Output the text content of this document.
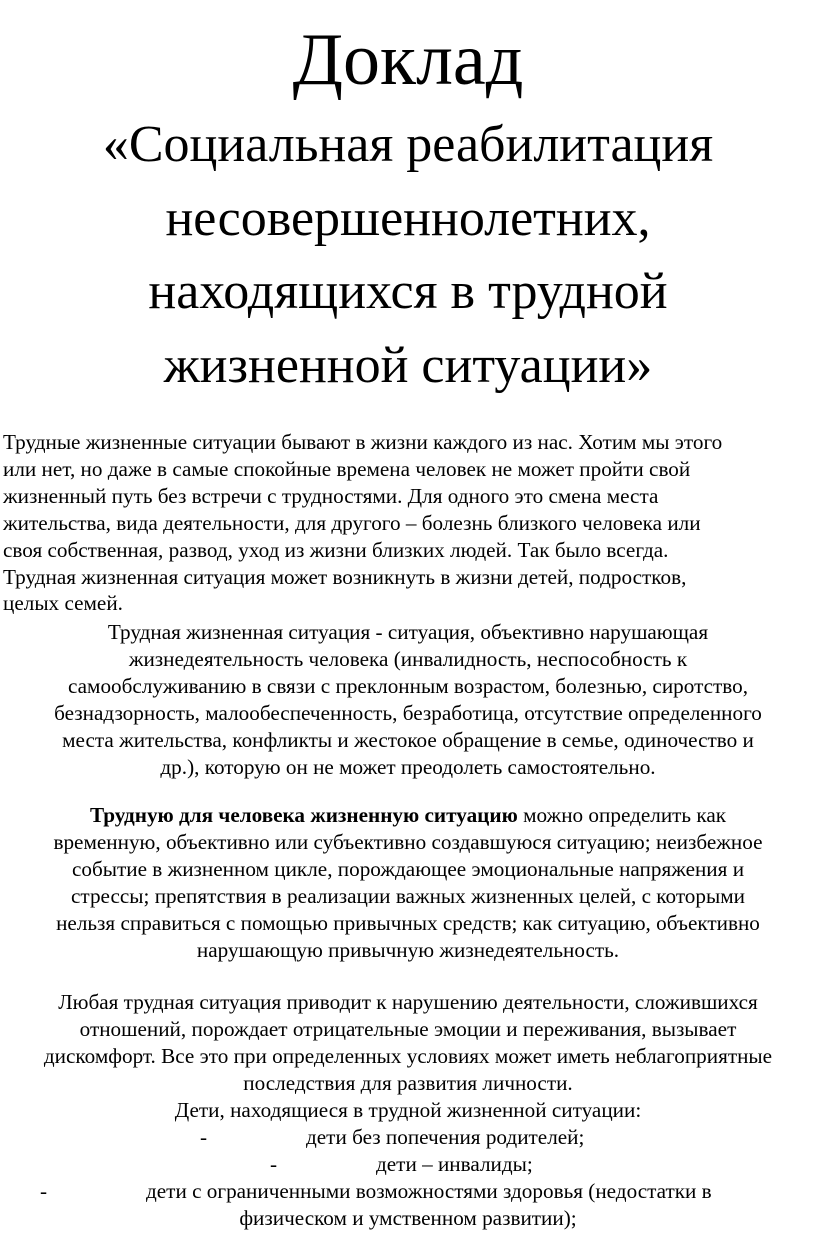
Доклад
«Социальная реабилитация
несовершеннолетних,
находящихся в трудной
жизненной ситуации»
Трудные жизненные ситуации бывают в жизни каждого из нас. Хотим мы этого
или нет, но даже в самые спокойные времена человек не может пройти свой
жизненный путь без встречи с трудностями. Для одного это смена места
жительства, вида деятельности, для другого – болезнь близкого человека или
своя собственная, развод, уход из жизни близких людей. Так было всегда.
Трудная жизненная ситуация может возникнуть в жизни детей, подростков,
целых семей.
Трудная жизненная ситуация - ситуация, объективно нарушающая
жизнедеятельность человека (инвалидность, неспособность к
самообслуживанию в связи с преклонным возрастом, болезнью, сиротство,
безнадзорность, малообеспеченность, безработица, отсутствие определенного
места жительства, конфликты и жестокое обращение в семье, одиночество и
др.), которую он не может преодолеть самостоятельно.
Трудную для человека жизненную ситуацию можно определить как
временную, объективно или субъективно создавшуюся ситуацию; неизбежное
событие в жизненном цикле, порождающее эмоциональные напряжения и
стрессы; препятствия в реализации важных жизненных целей, с которыми
нельзя справиться с помощью привычных средств; как ситуацию, объективно
нарушающую привычную жизнедеятельность.
Любая трудная ситуация приводит к нарушению деятельности, сложившихся
отношений, порождает отрицательные эмоции и переживания, вызывает
дискомфорт. Все это при определенных условиях может иметь неблагоприятные
последствия для развития личности.
Дети, находящиеся в трудной жизненной ситуации:
-	дети без попечения родителей;
-	дети – инвалиды;
-	дети с ограниченными возможностями здоровья (недостатки в
физическом и умственном развитии);
